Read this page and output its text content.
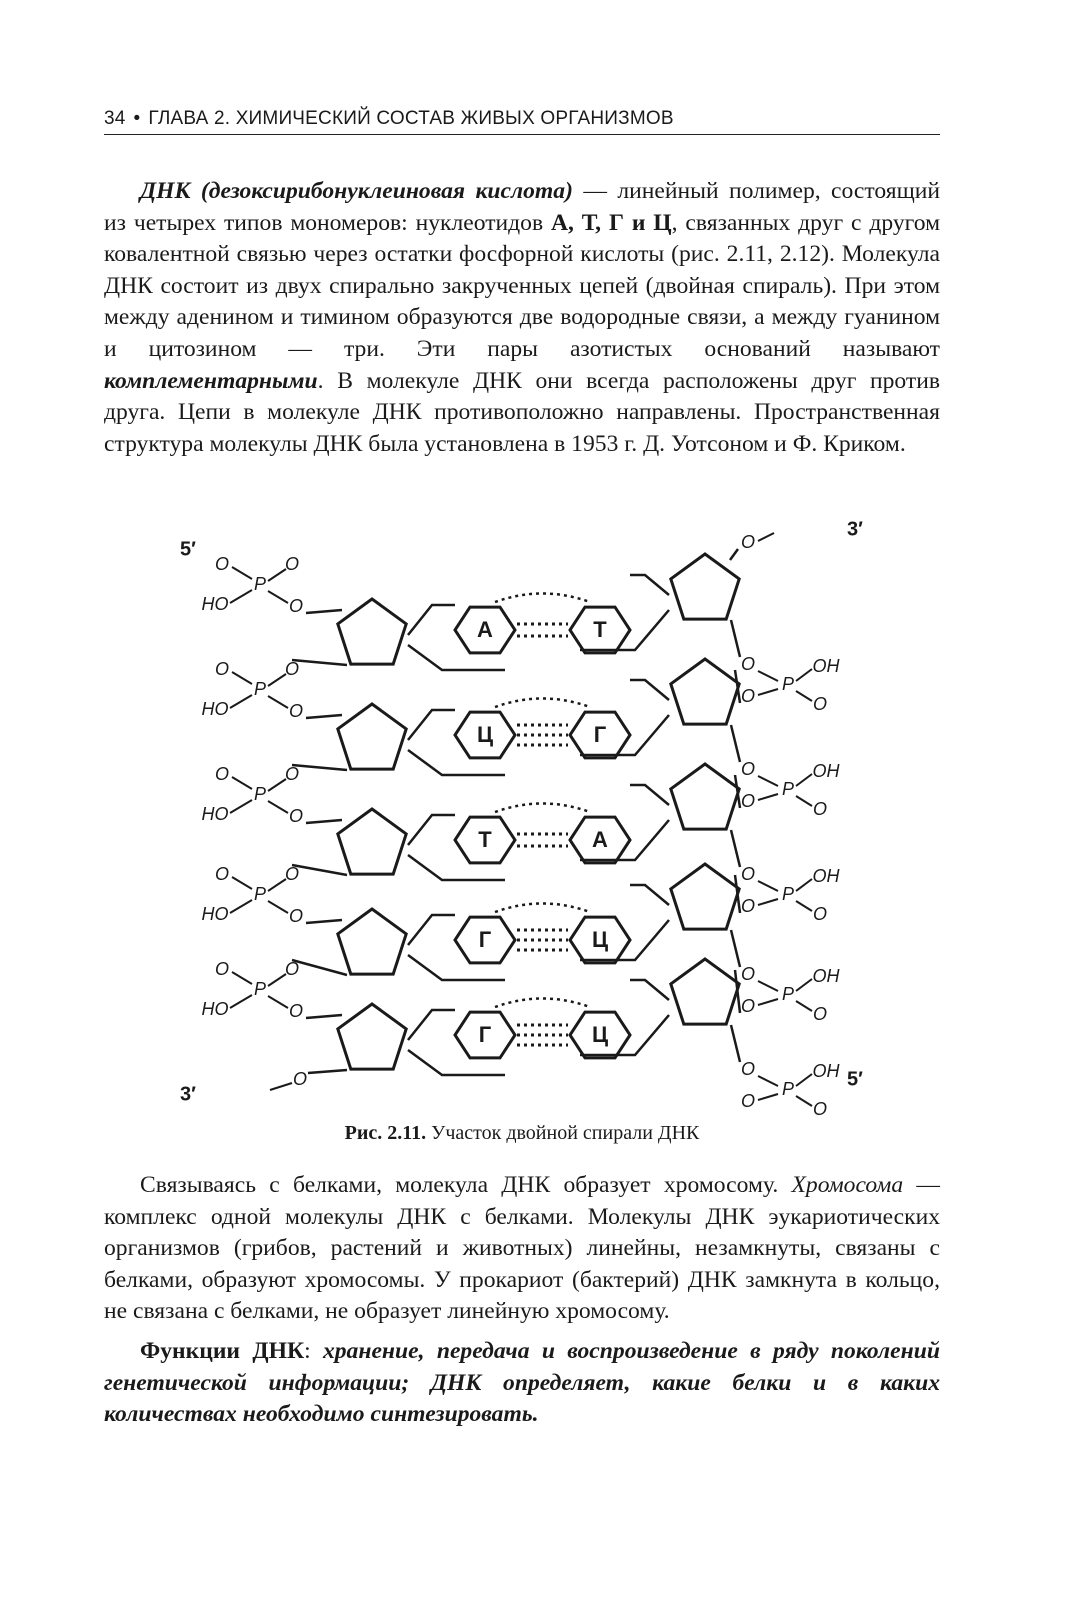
34 • ГЛАВА 2. ХИМИЧЕСКИЙ СОСТАВ ЖИВЫХ ОРГАНИЗМОВ

ДНК (дезоксирибонуклеиновая кислота) — линейный полимер, состоящий из четырех типов мономеров: нуклеотидов А, Т, Г и Ц, связанных друг с другом ковалентной связью через остатки фосфорной кислоты (рис. 2.11, 2.12). Молекула ДНК состоит из двух спирально закрученных цепей (двойная спираль). При этом между аденином и тимином образуются две водородные связи, а между гуанином и цитозином — три. Эти пары азотистых оснований называют комплементарными. В молекуле ДНК они всегда расположены друг против друга. Цепи в молекуле ДНК противоположно направлены. Пространственная структура молекулы ДНК была установлена в 1953 г. Д. Уотсоном и Ф. Криком.

5′
3′
3′
5′
O
P
HO
O
O
O
P
HO
O
O
O
P
HO
O
O
O
P
HO
O
O
O
P
HO
O
O
O
O
P
OH
O
O
O
P
OH
O
O
O
P
OH
O
O
O
P
OH
O
O
O
P
OH
O
O
O
А	Т
Ц	Г
Т	А
Г	Ц
Г	Ц
Рис. 2.11. Участок двойной спирали ДНК

Связываясь с белками, молекула ДНК образует хромосому. Хромосома — комплекс одной молекулы ДНК с белками. Молекулы ДНК эукариотических организмов (грибов, растений и животных) линейны, незамкнуты, связаны с белками, образуют хромосомы. У прокариот (бактерий) ДНК замкнута в кольцо, не связана с белками, не образует линейную хромосому.

Функции ДНК: хранение, передача и воспроизведение в ряду поколений генетической информации; ДНК определяет, какие белки и в каких количествах необходимо синтезировать.
